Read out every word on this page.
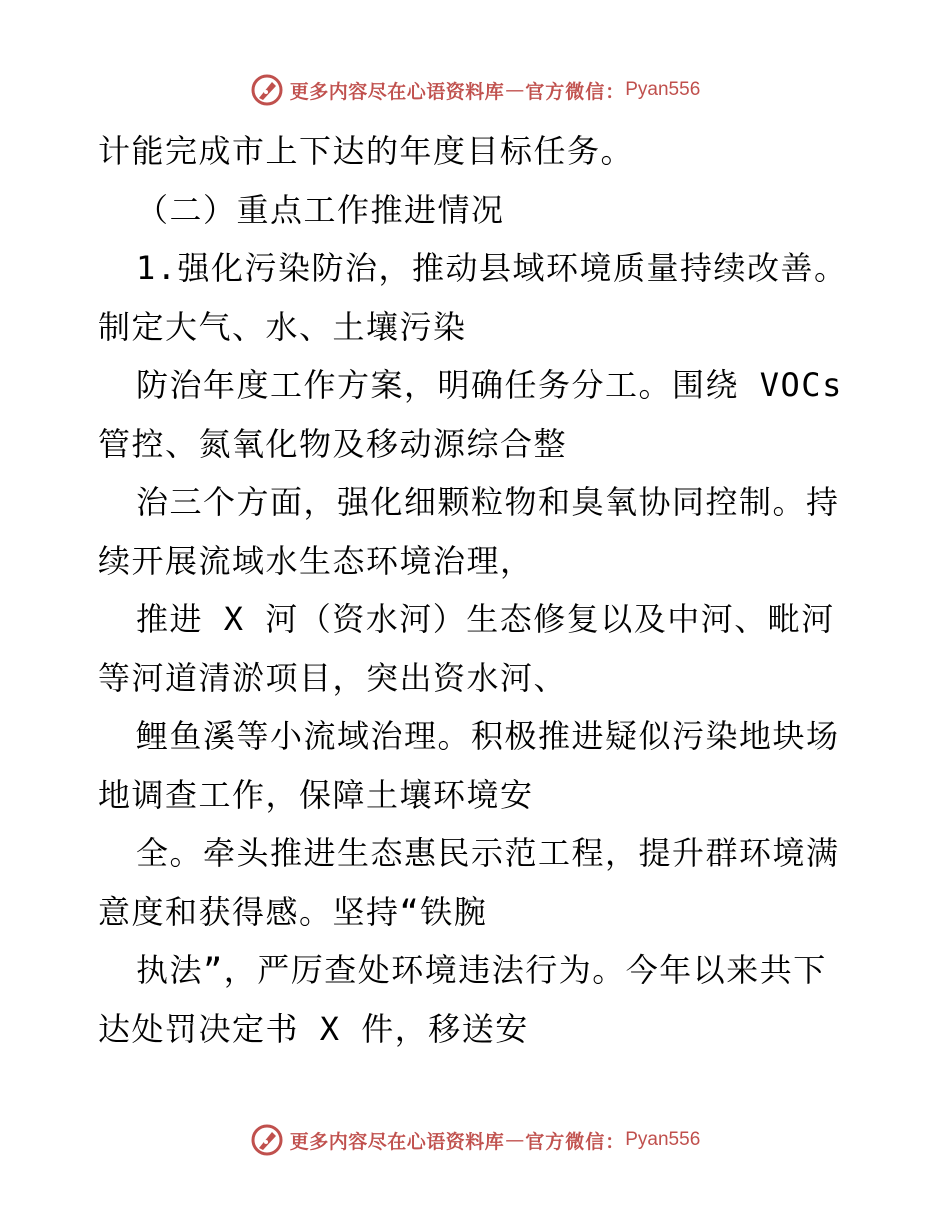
更多内容尽在心语资料库 — 官方微信： Pyan556
计能完成市上下达的年度目标任务。
（二）重点工作推进情况
1.强化污染防治，推动县域环境质量持续改善。
制定大气、水、土壤污染
防治年度工作方案，明确任务分工。围绕 VOCs
管控、氮氧化物及移动源综合整
治三个方面，强化细颗粒物和臭氧协同控制。持
续开展流域水生态环境治理，
推进 X 河（资水河）生态修复以及中河、毗河
等河道清淤项目，突出资水河、
鲤鱼溪等小流域治理。积极推进疑似污染地块场
地调查工作，保障土壤环境安
全。牵头推进生态惠民示范工程，提升群环境满
意度和获得感。坚持“铁腕
执法”，严厉查处环境违法行为。今年以来共下
达处罚决定书 X 件，移送安
更多内容尽在心语资料库 — 官方微信： Pyan556
